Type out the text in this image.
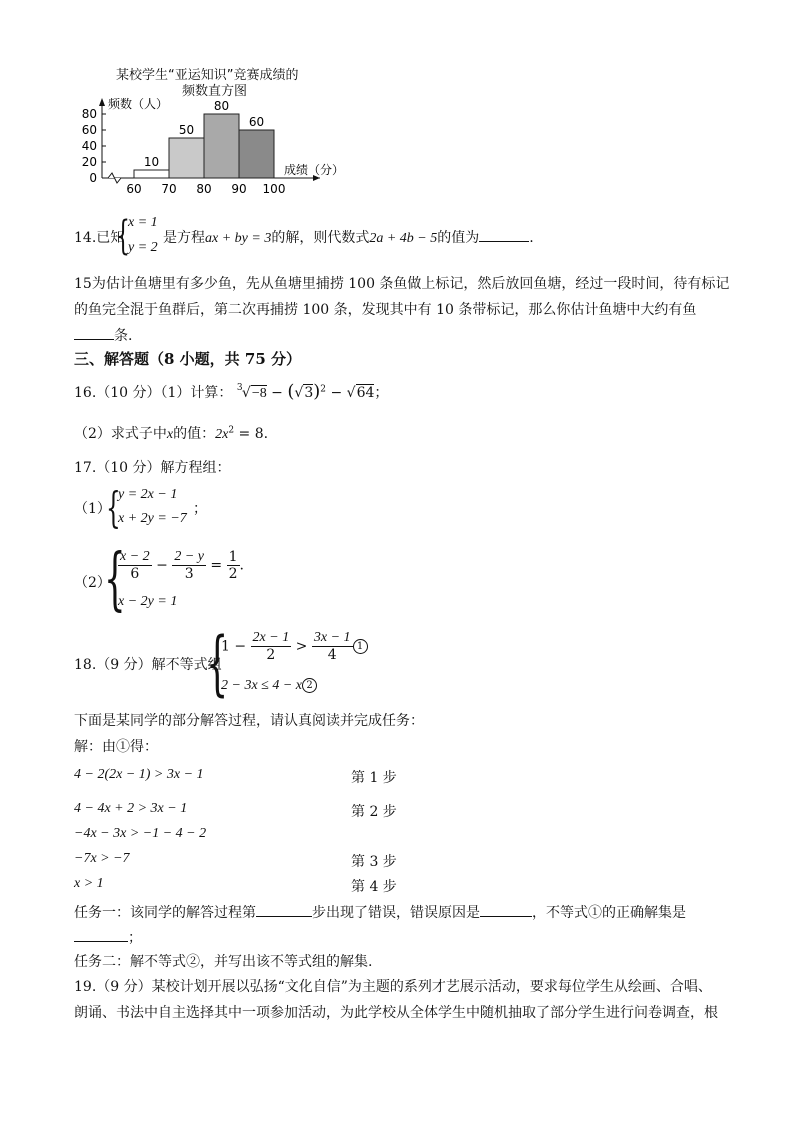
某校学生“亚运知识”竞赛成绩的
频数直方图
0
20
40
60
80
10
50
80
60
60 70 80 90 100
频数（人）
成绩（分）
14.已知
{
x = 1
y = 2
是方程ax + by = 3的解，则代数式2a + 4b − 5的值为	.
15为估计鱼塘里有多少鱼，先从鱼塘里捕捞 100 条鱼做上标记，然后放回鱼塘，经过一段时间，待有标记
的鱼完全混于鱼群后，第二次再捕捞 100 条，发现其中有 10 条带标记，那么你估计鱼塘中大约有鱼
条.
三、解答题（8 小题，共 75 分）
16.（10 分）（1）计算： 3 $√-8 - (√3)^2 - √64$；
（2）求式子中x的值：$2x^2 = 8$.
17.（10 分）解方程组：
（1）
{
y = 2x − 1
x + 2y = −7
；
（2）
{
$\frac{x - 2}{6} - \frac{2 - y}{3} = \frac{1}{2}$ .
x − 2y = 1
18.（9 分）解不等式组
{
$1 - \frac{2x - 1}{2} > \frac{3x - 1}{4} 1$
2 − 3x ≤ 4 − x 2
下面是某同学的部分解答过程，请认真阅读并完成任务：
解：由①得：
4 − 2(2x − 1) > 3x − 1	第 1 步
4 − 4x + 2 > 3x − 1	第 2 步
−4x − 3x > −1 − 4 − 2
−7x > −7	第 3 步
x > 1	第 4 步
任务一：该同学的解答过程第	步出现了错误，错误原因是	，不等式①的正确解集是
；
任务二：解不等式②，并写出该不等式组的解集.
19.（9 分）某校计划开展以弘扬“文化自信”为主题的系列才艺展示活动，要求每位学生从绘画、合唱、
朗诵、书法中自主选择其中一项参加活动，为此学校从全体学生中随机抽取了部分学生进行问卷调查，根
